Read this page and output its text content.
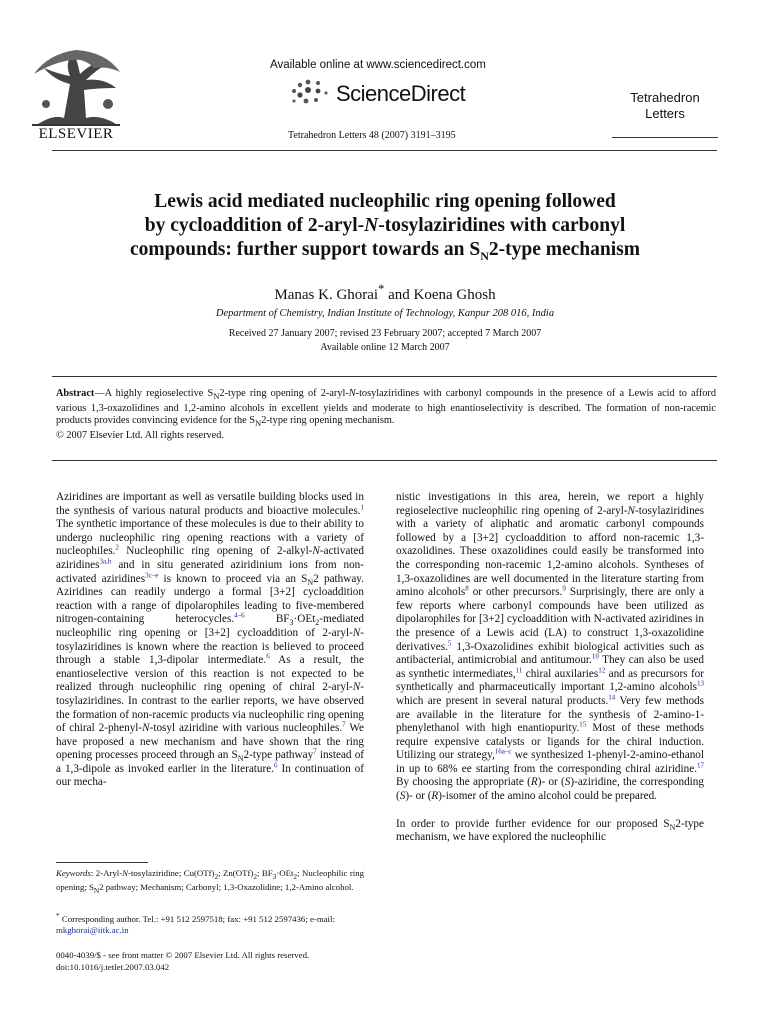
ELSEVIER
Available online at www.sciencedirect.com
ScienceDirect
Tetrahedron Letters 48 (2007) 3191–3195
Tetrahedron
Letters
Lewis acid mediated nucleophilic ring opening followed
by cycloaddition of 2-aryl-N-tosylaziridines with carbonyl
compounds: further support towards an $S_N2$-type mechanism
Manas K. Ghorai* and Koena Ghosh
Department of Chemistry, Indian Institute of Technology, Kanpur 208 016, India
Received 27 January 2007; revised 23 February 2007; accepted 7 March 2007
Available online 12 March 2007
Abstract—A highly regioselective $S_N2$-type ring opening of 2-aryl-N-tosylaziridines with carbonyl compounds in the presence of a Lewis acid to afford various 1,3-oxazolidines and 1,2-amino alcohols in excellent yields and moderate to high enantioselectivity is described. The formation of non-racemic products provides convincing evidence for the $S_N2$-type ring opening mechanism.
© 2007 Elsevier Ltd. All rights reserved.
Aziridines are important as well as versatile building blocks used in the synthesis of various natural products and bioactive molecules.$^1$ The synthetic importance of these molecules is due to their ability to undergo nucleophilic ring opening reactions with a variety of nucleophiles.$^2$ Nucleophilic ring opening of 2-alkyl-N-activated aziridines$^{3a,b}$ and in situ generated aziridinium ions from non-activated aziridines$^{3c-e}$ is known to proceed via an $S_N2$ pathway. Aziridines can readily undergo a formal [3+2] cycloaddition reaction with a range of dipolarophiles leading to five-membered nitrogen-containing heterocycles.$^{4-6}$ $BF_3\cdot OEt_2$-mediated nucleophilic ring opening or [3+2] cycloaddition of 2-aryl-N-tosylaziridines is known where the reaction is believed to proceed through a stable 1,3-dipolar intermediate.$^6$ As a result, the enantioselective version of this reaction is not expected to be realized through nucleophilic ring opening of chiral 2-aryl-N-tosylaziridines. In contrast to the earlier reports, we have observed the formation of non-racemic products via nucleophilic ring opening of chiral 2-phenyl-N-tosyl aziridine with various nucleophiles.$^7$ We have proposed a new mechanism and have shown that the ring opening processes proceed through an $S_N2$-type pathway$^7$ instead of a 1,3-dipole as invoked earlier in the literature.$^6$ In continuation of our mecha-
nistic investigations in this area, herein, we report a highly regioselective nucleophilic ring opening of 2-aryl-N-tosylaziridines with a variety of aliphatic and aromatic carbonyl compounds followed by a [3+2] cycloaddition to afford non-racemic 1,3-oxazolidines. These oxazolidines could easily be transformed into the corresponding non-racemic 1,2-amino alcohols. Syntheses of 1,3-oxazolidines are well documented in the literature starting from amino alcohols$^8$ or other precursors.$^9$ Surprisingly, there are only a few reports where carbonyl compounds have been utilized as dipolarophiles for [3+2] cycloaddition with N-activated aziridines in the presence of a Lewis acid (LA) to construct 1,3-oxazolidine derivatives.$^5$ 1,3-Oxazolidines exhibit biological activities such as antibacterial, antimicrobial and antitumour.$^{10}$ They can also be used as synthetic intermediates,$^{11}$ chiral auxilaries$^{12}$ and as precursors for synthetically and pharmaceutically important 1,2-amino alcohols$^{13}$ which are present in several natural products.$^{14}$ Very few methods are available in the literature for the synthesis of 2-amino-1-phenylethanol with high enantiopurity.$^{15}$ Most of these methods require expensive catalysts or ligands for the chiral induction. Utilizing our strategy,$^{16a-c}$ we synthesized 1-phenyl-2-amino-ethanol in up to 68% ee starting from the corresponding chiral aziridine.$^{17}$ By choosing the appropriate (R)- or (S)-aziridine, the corresponding (S)- or (R)-isomer of the amino alcohol could be prepared.
In order to provide further evidence for our proposed $S_N2$-type mechanism, we have explored the nucleophilic
Keywords: 2-Aryl-N-tosylaziridine; $Cu(OTf)_2$; $Zn(OTf)_2$; $BF_3\cdot OEt_2$; Nucleophilic ring opening; $S_N2$ pathway; Mechanism; Carbonyl; 1,3-Oxazolidine; 1,2-Amino alcohol.
* Corresponding author. Tel.: +91 512 2597518; fax: +91 512 2597436; e-mail: mkghorai@iitk.ac.in
0040-4039/$ - see front matter © 2007 Elsevier Ltd. All rights reserved.
doi:10.1016/j.tetlet.2007.03.042
